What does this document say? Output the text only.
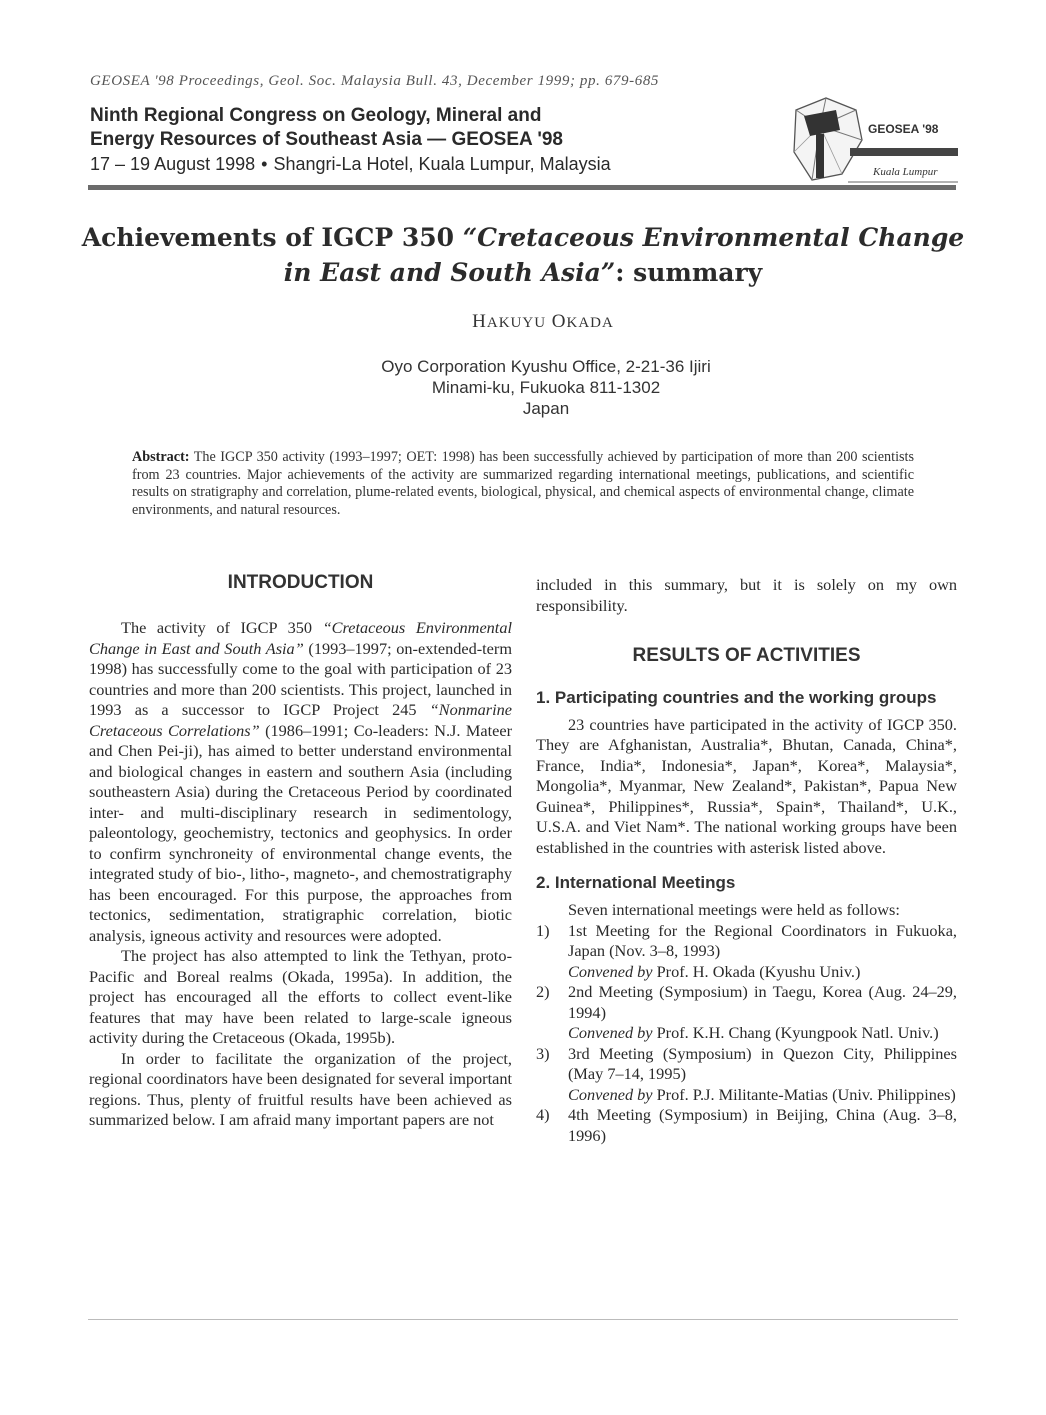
GEOSEA '98 Proceedings, Geol. Soc. Malaysia Bull. 43, December 1999; pp. 679-685
Ninth Regional Congress on Geology, Mineral and
Energy Resources of Southeast Asia — GEOSEA '98
17 – 19 August 1998 • Shangri-La Hotel, Kuala Lumpur, Malaysia
GEOSEA '98
Kuala Lumpur
Achievements of IGCP 350 “Cretaceous Environmental Change in East and South Asia”: summary
HAKUYU OKADA
Oyo Corporation Kyushu Office, 2-21-36 Ijiri
Minami-ku, Fukuoka 811-1302
Japan
Abstract: The IGCP 350 activity (1993–1997; OET: 1998) has been successfully achieved by participation of more than 200 scientists from 23 countries. Major achievements of the activity are summarized regarding international meetings, publications, and scientific results on stratigraphy and correlation, plume-related events, biological, physical, and chemical aspects of environmental change, climate environments, and natural resources.
INTRODUCTION

The activity of IGCP 350 “Cretaceous Environmental Change in East and South Asia” (1993–1997; on-extended-term 1998) has successfully come to the goal with participation of 23 countries and more than 200 scientists. This project, launched in 1993 as a successor to IGCP Project 245 “Nonmarine Cretaceous Correlations” (1986–1991; Co-leaders: N.J. Mateer and Chen Pei-ji), has aimed to better understand environmental and biological changes in eastern and southern Asia (including southeastern Asia) during the Cretaceous Period by coordinated inter- and multi-disciplinary research in sedimentology, paleontology, geochemistry, tectonics and geophysics. In order to confirm synchroneity of environmental change events, the integrated study of bio-, litho-, magneto-, and chemostratigraphy has been encouraged. For this purpose, the approaches from tectonics, sedimentation, stratigraphic correlation, biotic analysis, igneous activity and resources were adopted.

The project has also attempted to link the Tethyan, proto-Pacific and Boreal realms (Okada, 1995a). In addition, the project has encouraged all the efforts to collect event-like features that may have been related to large-scale igneous activity during the Cretaceous (Okada, 1995b).

In order to facilitate the organization of the project, regional coordinators have been designated for several important regions. Thus, plenty of fruitful results have been achieved as summarized below. I am afraid many important papers are not

included in this summary, but it is solely on my own responsibility.

RESULTS OF ACTIVITIES
1. Participating countries and the working groups

23 countries have participated in the activity of IGCP 350. They are Afghanistan, Australia*, Bhutan, Canada, China*, France, India*, Indonesia*, Japan*, Korea*, Malaysia*, Mongolia*, Myanmar, New Zealand*, Pakistan*, Papua New Guinea*, Philippines*, Russia*, Spain*, Thailand*, U.K., U.S.A. and Viet Nam*. The national working groups have been established in the countries with asterisk listed above.

2. International Meetings

Seven international meetings were held as follows:

1) 1st Meeting for the Regional Coordinators in Fukuoka, Japan (Nov. 3–8, 1993)
Convened by Prof. H. Okada (Kyushu Univ.)
2) 2nd Meeting (Symposium) in Taegu, Korea (Aug. 24–29, 1994)
Convened by Prof. K.H. Chang (Kyungpook Natl. Univ.)
3) 3rd Meeting (Symposium) in Quezon City, Philippines (May 7–14, 1995)
Convened by Prof. P.J. Militante-Matias (Univ. Philippines)
4) 4th Meeting (Symposium) in Beijing, China (Aug. 3–8, 1996)
